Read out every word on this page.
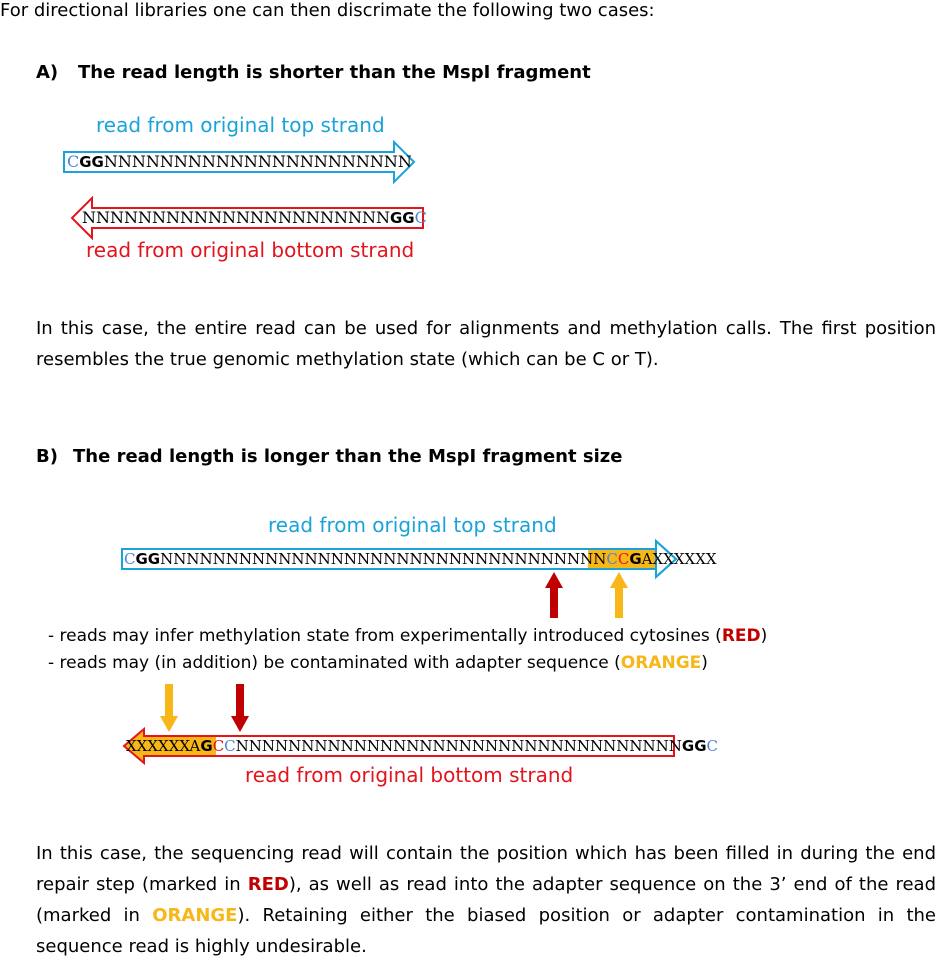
For directional libraries one can then discrimate the following two cases:
A) The read length is shorter than the MspI fragment
read from original top strand
CGGNNNNNNNNNNNNNNNNNNNNNN
NNNNNNNNNNNNNNNNNNNNNNGGC
read from original bottom strand
In this case, the entire read can be used for alignments and methylation calls. The first position resembles the true genomic methylation state (which can be C or T).
B) The read length is longer than the MspI fragment size
read from original top strand
CGGNNNNNNNNNNNNNNNNNNNNNNNNNNNNNNNNNNCCGAXXXXXX
- reads may infer methylation state from experimentally introduced cytosines (RED)
- reads may (in addition) be contaminated with adapter sequence (ORANGE)
XXXXXXAGCCNNNNNNNNNNNNNNNNNNNNNNNNNNNNNNNNNNGGC
read from original bottom strand
In this case, the sequencing read will contain the position which has been filled in during the end repair step (marked in RED), as well as read into the adapter sequence on the 3’ end of the read (marked in ORANGE). Retaining either the biased position or adapter contamination in the sequence read is highly undesirable.
